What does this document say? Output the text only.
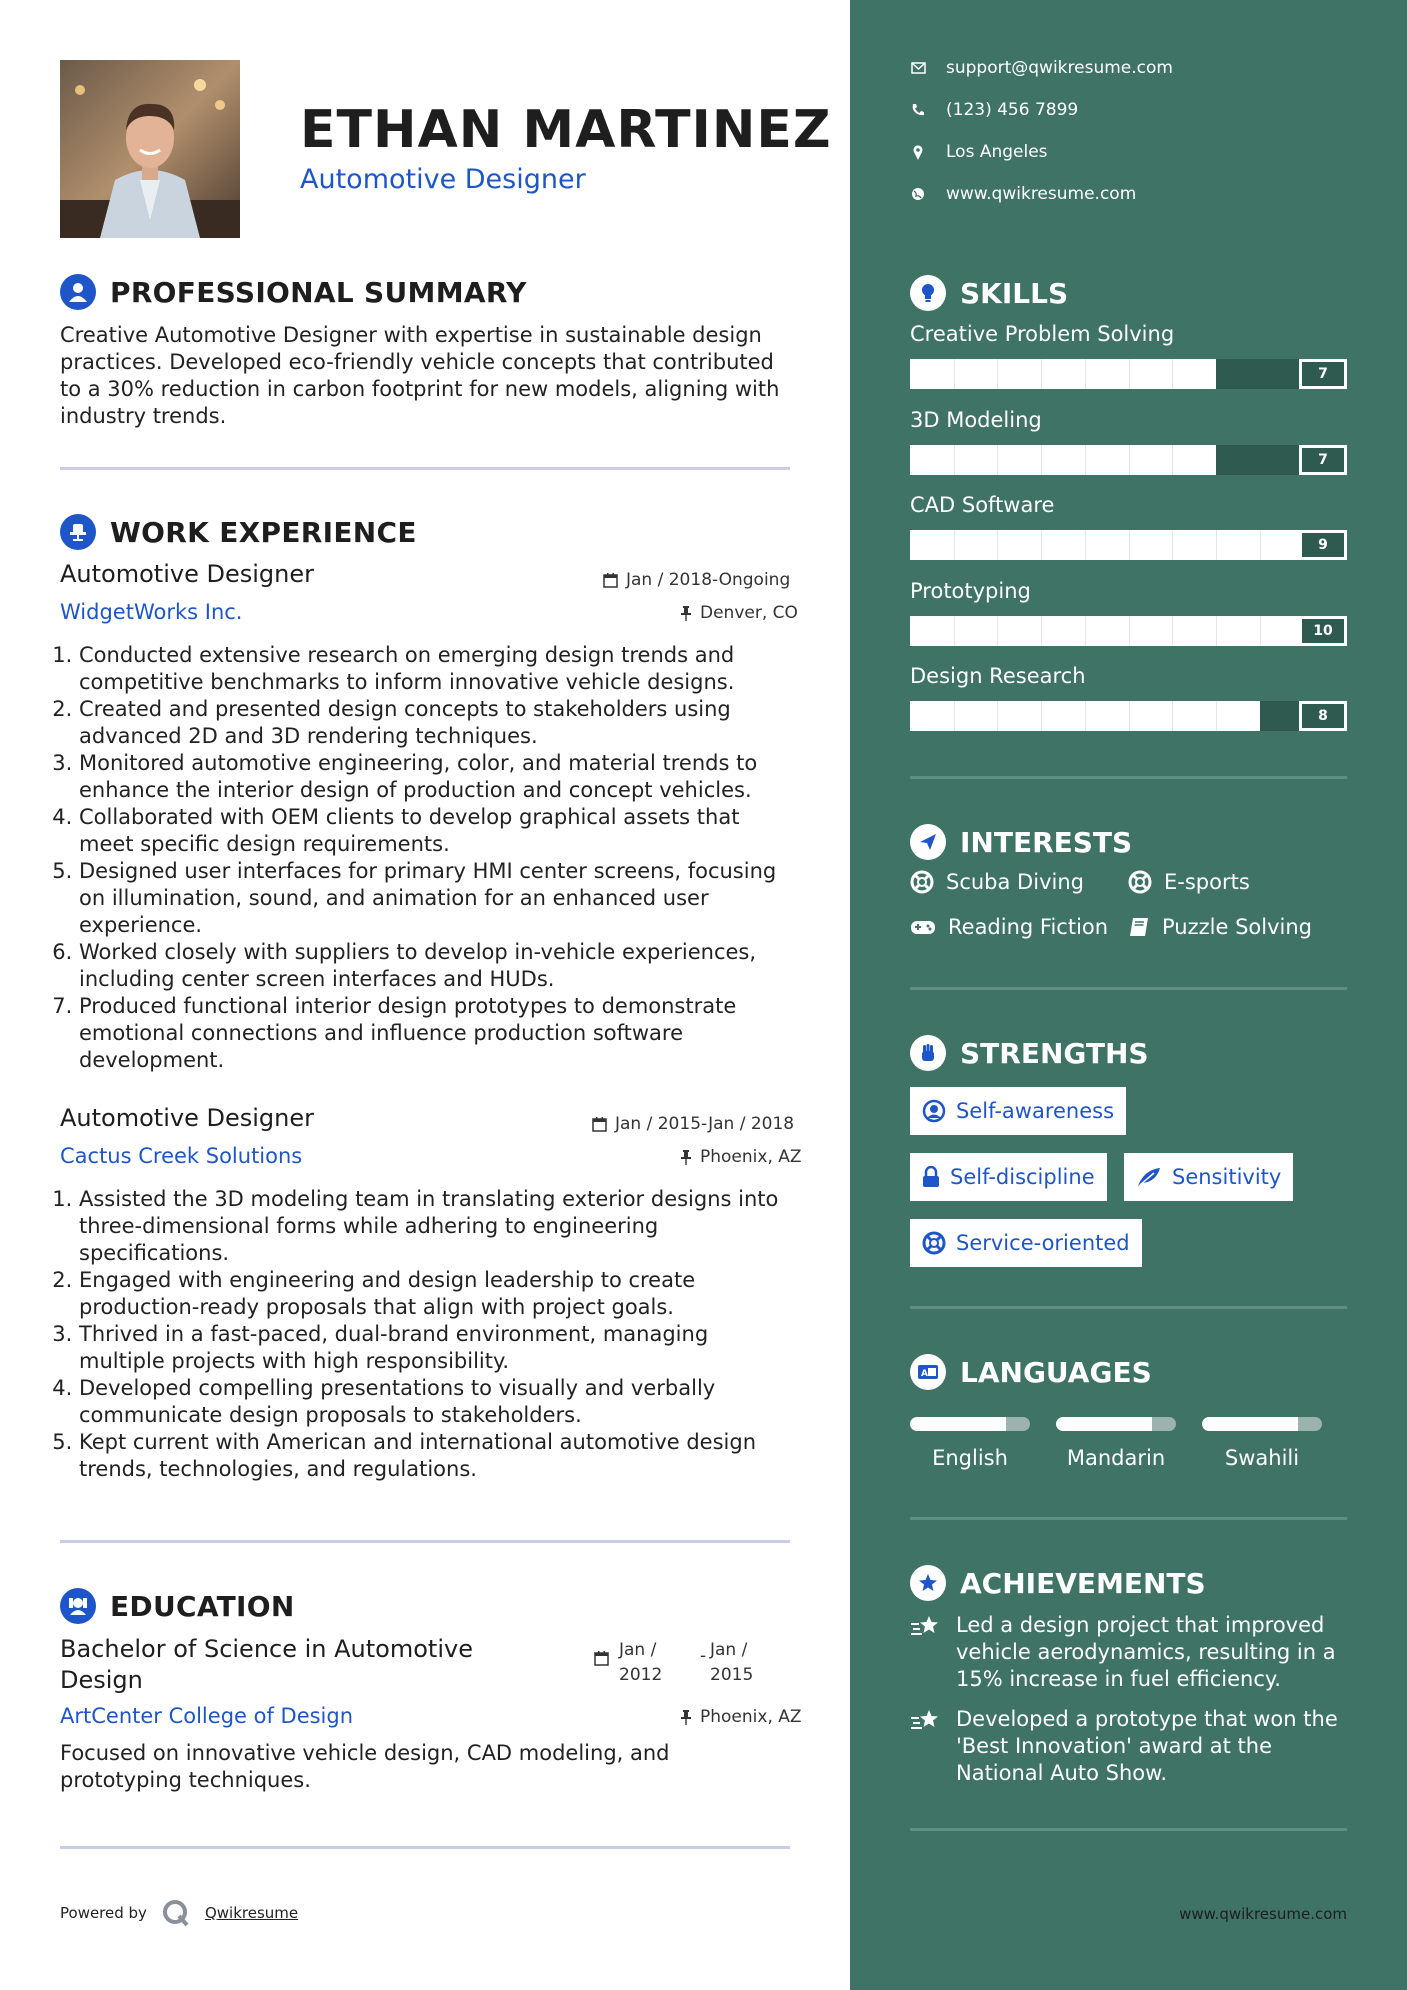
ETHAN MARTINEZ
Automotive Designer
PROFESSIONAL SUMMARY
Creative Automotive Designer with expertise in sustainable design practices. Developed eco-friendly vehicle concepts that contributed to a 30% reduction in carbon footprint for new models, aligning with industry trends.
WORK EXPERIENCE
Automotive Designer	Jan / 2018-Ongoing
WidgetWorks Inc.	Denver, CO
1. Conducted extensive research on emerging design trends and competitive benchmarks to inform innovative vehicle designs.
2. Created and presented design concepts to stakeholders using advanced 2D and 3D rendering techniques.
3. Monitored automotive engineering, color, and material trends to enhance the interior design of production and concept vehicles.
4. Collaborated with OEM clients to develop graphical assets that meet specific design requirements.
5. Designed user interfaces for primary HMI center screens, focusing on illumination, sound, and animation for an enhanced user experience.
6. Worked closely with suppliers to develop in-vehicle experiences, including center screen interfaces and HUDs.
7. Produced functional interior design prototypes to demonstrate emotional connections and influence production software development.
Automotive Designer	Jan / 2015-Jan / 2018
Cactus Creek Solutions	Phoenix, AZ
1. Assisted the 3D modeling team in translating exterior designs into three-dimensional forms while adhering to engineering specifications.
2. Engaged with engineering and design leadership to create production-ready proposals that align with project goals.
3. Thrived in a fast-paced, dual-brand environment, managing multiple projects with high responsibility.
4. Developed compelling presentations to visually and verbally communicate design proposals to stakeholders.
5. Kept current with American and international automotive design trends, technologies, and regulations.
EDUCATION
Bachelor of Science in Automotive Design
Jan /
2012
- Jan /
2015
ArtCenter College of Design	Phoenix, AZ
Focused on innovative vehicle design, CAD modeling, and prototyping techniques.
Powered by	Qwikresume
support@qwikresume.com
(123) 456 7899
Los Angeles
www.qwikresume.com
SKILLS
Creative Problem Solving
7
3D Modeling
7
CAD Software
9
Prototyping
10
Design Research
8
INTERESTS
Scuba Diving	E-sports
Reading Fiction	Puzzle Solving
STRENGTHS
Self-awareness
Self-discipline	Sensitivity
Service-oriented
A LANGUAGES
English	Mandarin	Swahili
ACHIEVEMENTS
Led a design project that improved vehicle aerodynamics, resulting in a 15% increase in fuel efficiency.
Developed a prototype that won the 'Best Innovation' award at the National Auto Show.
www.qwikresume.com
